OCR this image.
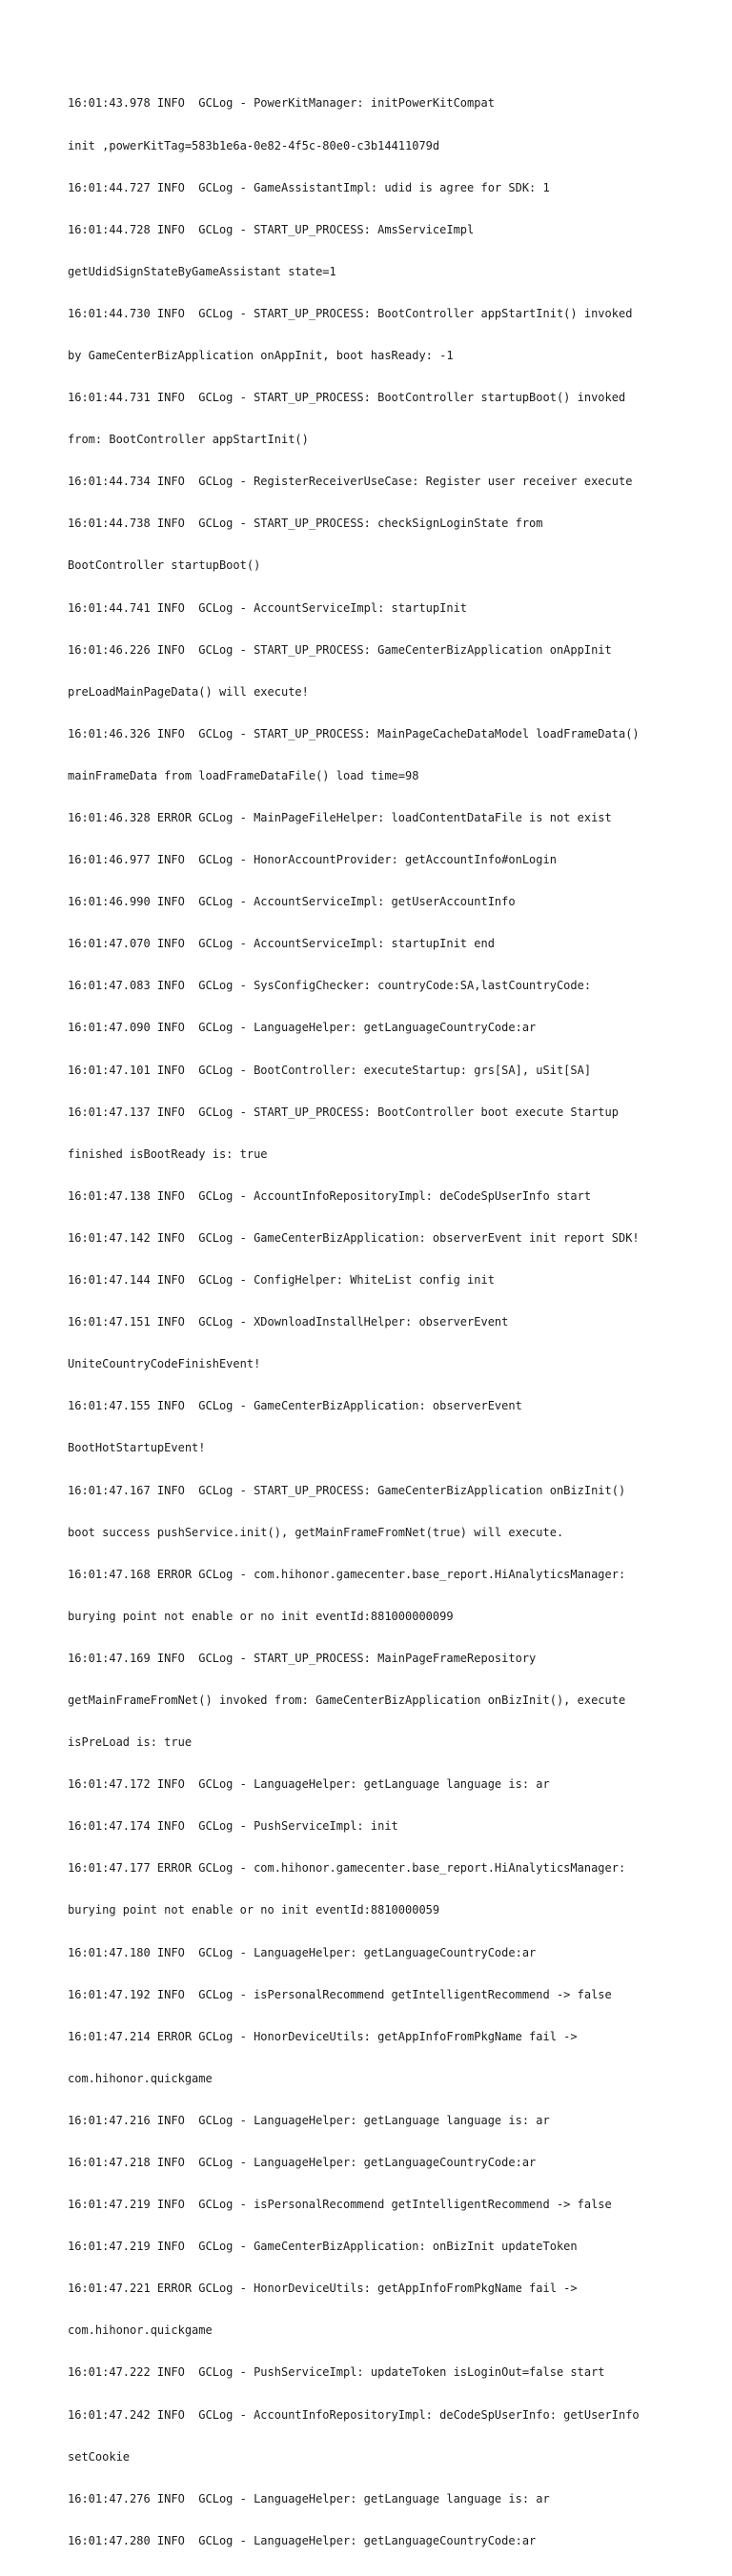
16:01:43.978 INFO  GCLog - PowerKitManager: initPowerKitCompat

init ,powerKitTag=583b1e6a-0e82-4f5c-80e0-c3b14411079d

16:01:44.727 INFO  GCLog - GameAssistantImpl: udid is agree for SDK: 1

16:01:44.728 INFO  GCLog - START_UP_PROCESS: AmsServiceImpl

getUdidSignStateByGameAssistant state=1

16:01:44.730 INFO  GCLog - START_UP_PROCESS: BootController appStartInit() invoked

by GameCenterBizApplication onAppInit, boot hasReady: -1

16:01:44.731 INFO  GCLog - START_UP_PROCESS: BootController startupBoot() invoked

from: BootController appStartInit()

16:01:44.734 INFO  GCLog - RegisterReceiverUseCase: Register user receiver execute

16:01:44.738 INFO  GCLog - START_UP_PROCESS: checkSignLoginState from

BootController startupBoot()

16:01:44.741 INFO  GCLog - AccountServiceImpl: startupInit

16:01:46.226 INFO  GCLog - START_UP_PROCESS: GameCenterBizApplication onAppInit

preLoadMainPageData() will execute!

16:01:46.326 INFO  GCLog - START_UP_PROCESS: MainPageCacheDataModel loadFrameData()

mainFrameData from loadFrameDataFile() load time=98

16:01:46.328 ERROR GCLog - MainPageFileHelper: loadContentDataFile is not exist

16:01:46.977 INFO  GCLog - HonorAccountProvider: getAccountInfo#onLogin

16:01:46.990 INFO  GCLog - AccountServiceImpl: getUserAccountInfo

16:01:47.070 INFO  GCLog - AccountServiceImpl: startupInit end

16:01:47.083 INFO  GCLog - SysConfigChecker: countryCode:SA,lastCountryCode:

16:01:47.090 INFO  GCLog - LanguageHelper: getLanguageCountryCode:ar

16:01:47.101 INFO  GCLog - BootController: executeStartup: grs[SA], uSit[SA]

16:01:47.137 INFO  GCLog - START_UP_PROCESS: BootController boot execute Startup

finished isBootReady is: true

16:01:47.138 INFO  GCLog - AccountInfoRepositoryImpl: deCodeSpUserInfo start

16:01:47.142 INFO  GCLog - GameCenterBizApplication: observerEvent init report SDK!

16:01:47.144 INFO  GCLog - ConfigHelper: WhiteList config init

16:01:47.151 INFO  GCLog - XDownloadInstallHelper: observerEvent

UniteCountryCodeFinishEvent!

16:01:47.155 INFO  GCLog - GameCenterBizApplication: observerEvent

BootHotStartupEvent!

16:01:47.167 INFO  GCLog - START_UP_PROCESS: GameCenterBizApplication onBizInit()

boot success pushService.init(), getMainFrameFromNet(true) will execute.

16:01:47.168 ERROR GCLog - com.hihonor.gamecenter.base_report.HiAnalyticsManager:

burying point not enable or no init eventId:881000000099

16:01:47.169 INFO  GCLog - START_UP_PROCESS: MainPageFrameRepository

getMainFrameFromNet() invoked from: GameCenterBizApplication onBizInit(), execute

isPreLoad is: true

16:01:47.172 INFO  GCLog - LanguageHelper: getLanguage language is: ar

16:01:47.174 INFO  GCLog - PushServiceImpl: init

16:01:47.177 ERROR GCLog - com.hihonor.gamecenter.base_report.HiAnalyticsManager:

burying point not enable or no init eventId:8810000059

16:01:47.180 INFO  GCLog - LanguageHelper: getLanguageCountryCode:ar

16:01:47.192 INFO  GCLog - isPersonalRecommend getIntelligentRecommend -> false

16:01:47.214 ERROR GCLog - HonorDeviceUtils: getAppInfoFromPkgName fail ->

com.hihonor.quickgame

16:01:47.216 INFO  GCLog - LanguageHelper: getLanguage language is: ar

16:01:47.218 INFO  GCLog - LanguageHelper: getLanguageCountryCode:ar

16:01:47.219 INFO  GCLog - isPersonalRecommend getIntelligentRecommend -> false

16:01:47.219 INFO  GCLog - GameCenterBizApplication: onBizInit updateToken

16:01:47.221 ERROR GCLog - HonorDeviceUtils: getAppInfoFromPkgName fail ->

com.hihonor.quickgame

16:01:47.222 INFO  GCLog - PushServiceImpl: updateToken isLoginOut=false start

16:01:47.242 INFO  GCLog - AccountInfoRepositoryImpl: deCodeSpUserInfo: getUserInfo

setCookie

16:01:47.276 INFO  GCLog - LanguageHelper: getLanguage language is: ar

16:01:47.280 INFO  GCLog - LanguageHelper: getLanguageCountryCode:ar
